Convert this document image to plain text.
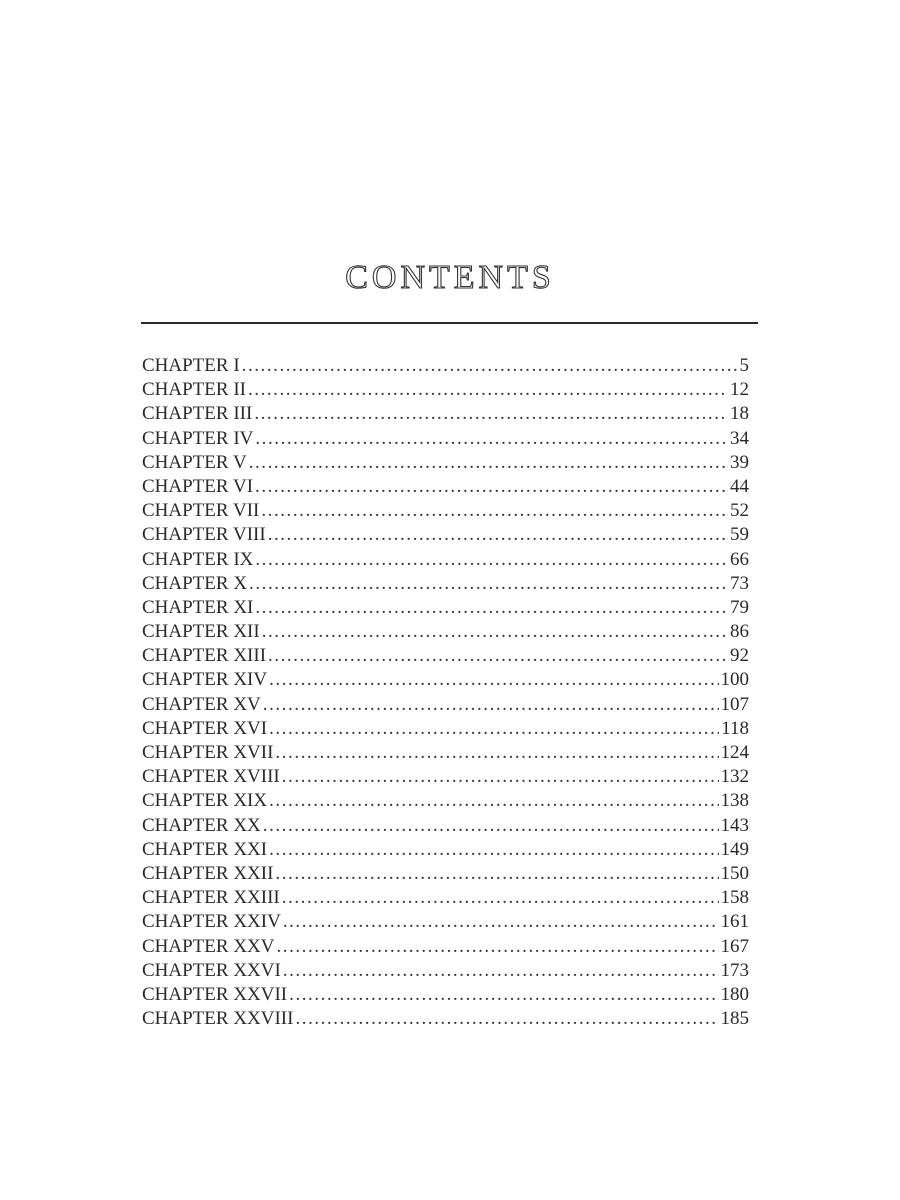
CONTENTS
CHAPTER I . . .	5
CHAPTER II . . .	12
CHAPTER III . . .	18
CHAPTER IV . . .	34
CHAPTER V . . .	39
CHAPTER VI . . .	44
CHAPTER VII . . .	52
CHAPTER VIII . . .	59
CHAPTER IX . . .	66
CHAPTER X . . .	73
CHAPTER XI . . .	79
CHAPTER XII . . .	86
CHAPTER XIII . . .	92
CHAPTER XIV . . .	100
CHAPTER XV . . .	107
CHAPTER XVI . . .	118
CHAPTER XVII . . .	124
CHAPTER XVIII . . .	132
CHAPTER XIX . . .	138
CHAPTER XX . . .	143
CHAPTER XXI . . .	149
CHAPTER XXII . . .	150
CHAPTER XXIII . . .	158
CHAPTER XXIV . . .	161
CHAPTER XXV . . .	167
CHAPTER XXVI . . .	173
CHAPTER XXVII . . .	180
CHAPTER XXVIII . . .	185
